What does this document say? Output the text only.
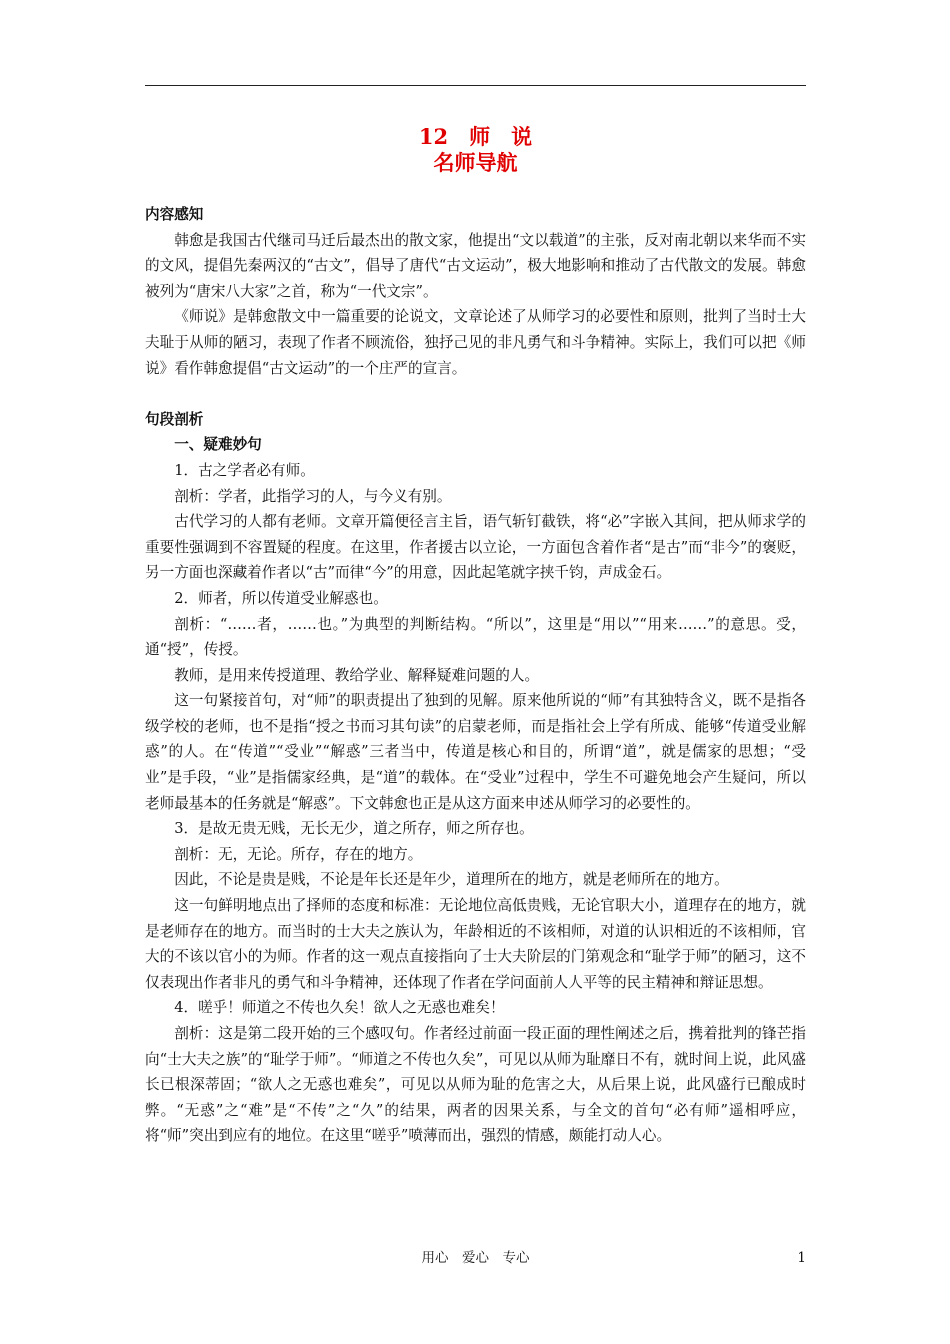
12　师　说
名师导航
内容感知

韩愈是我国古代继司马迁后最杰出的散文家，他提出“文以载道”的主张，反对南北朝以来华而不实的文风，提倡先秦两汉的“古文”，倡导了唐代“古文运动”，极大地影响和推动了古代散文的发展。韩愈被列为“唐宋八大家”之首，称为“一代文宗”。

《师说》是韩愈散文中一篇重要的论说文，文章论述了从师学习的必要性和原则，批判了当时士大夫耻于从师的陋习，表现了作者不顾流俗，独抒己见的非凡勇气和斗争精神。实际上，我们可以把《师说》看作韩愈提倡“古文运动”的一个庄严的宣言。

句段剖析
一、疑难妙句

1．古之学者必有师。

剖析：学者，此指学习的人，与今义有别。

古代学习的人都有老师。文章开篇便径言主旨，语气斩钉截铁，将“必”字嵌入其间，把从师求学的重要性强调到不容置疑的程度。在这里，作者援古以立论，一方面包含着作者“是古”而“非今”的褒贬，另一方面也深藏着作者以“古”而律“今”的用意，因此起笔就字挟千钧，声成金石。

2．师者，所以传道受业解惑也。

剖析：“……者，……也。”为典型的判断结构。“所以”，这里是“用以”“用来……”的意思。受，通“授”，传授。

教师，是用来传授道理、教给学业、解释疑难问题的人。

这一句紧接首句，对“师”的职责提出了独到的见解。原来他所说的“师”有其独特含义，既不是指各级学校的老师，也不是指“授之书而习其句读”的启蒙老师，而是指社会上学有所成、能够“传道受业解惑”的人。在“传道”“受业”“解惑”三者当中，传道是核心和目的，所谓“道”，就是儒家的思想；“受业”是手段，“业”是指儒家经典，是“道”的载体。在“受业”过程中，学生不可避免地会产生疑问，所以老师最基本的任务就是“解惑”。下文韩愈也正是从这方面来申述从师学习的必要性的。

3．是故无贵无贱，无长无少，道之所存，师之所存也。

剖析：无，无论。所存，存在的地方。

因此，不论是贵是贱，不论是年长还是年少，道理所在的地方，就是老师所在的地方。

这一句鲜明地点出了择师的态度和标准：无论地位高低贵贱，无论官职大小，道理存在的地方，就是老师存在的地方。而当时的士大夫之族认为，年龄相近的不该相师，对道的认识相近的不该相师，官大的不该以官小的为师。作者的这一观点直接指向了士大夫阶层的门第观念和“耻学于师”的陋习，这不仅表现出作者非凡的勇气和斗争精神，还体现了作者在学问面前人人平等的民主精神和辩证思想。

4．嗟乎！师道之不传也久矣！欲人之无惑也难矣！

剖析：这是第二段开始的三个感叹句。作者经过前面一段正面的理性阐述之后，携着批判的锋芒指向“士大夫之族”的“耻学于师”。“师道之不传也久矣”，可见以从师为耻靡日不有，就时间上说，此风盛长已根深蒂固；“欲人之无惑也难矣”，可见以从师为耻的危害之大，从后果上说，此风盛行已酿成时弊。“无惑”之“难”是“不传”之“久”的结果，两者的因果关系，与全文的首句“必有师”遥相呼应，将“师”突出到应有的地位。在这里“嗟乎”喷薄而出，强烈的情感，颇能打动人心。

用心　爱心　专心	1
